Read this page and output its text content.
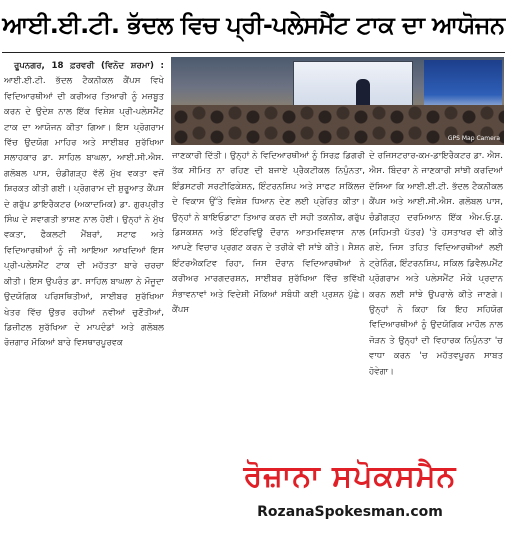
ਆਈ.ਈ.ਟੀ. ਭੱਦਲ ਵਿਚ ਪ੍ਰੀ-ਪਲੇਸਮੈਂਟ ਟਾਕ ਦਾ ਆਯੋਜਨ

ਰੂਪਨਗਰ, 18 ਫ਼ਰਵਰੀ (ਵਿਨੋਦ ਸ਼ਰਮਾ) : ਆਈ.ਈ.ਟੀ. ਭੱਦਲ ਟੈਕਨੀਕਲ ਕੈਂਪਸ ਵਿਖੇ ਵਿਦਿਆਰਥੀਆਂ ਦੀ ਕਰੀਅਰ ਤਿਆਰੀ ਨੂੰ ਮਜ਼ਬੂਤ ਕਰਨ ਦੇ ਉਦੇਸ਼ ਨਾਲ ਇੱਕ ਵਿਸ਼ੇਸ਼ ਪ੍ਰੀ-ਪਲੇਸਮੈਂਟ ਟਾਕ ਦਾ ਆਯੋਜਨ ਕੀਤਾ ਗਿਆ। ਇਸ ਪ੍ਰੋਗਰਾਮ ਵਿੱਚ ਉਦਯੋਗ ਮਾਹਿਰ ਅਤੇ ਸਾਈਬਰ ਸੁਰੱਖਿਆ ਸਲਾਹਕਾਰ ਡਾ. ਸਾਹਿਲ ਬਾਘਲਾ, ਆਈ.ਸੀ.ਐਸ. ਗਲੋਬਲ ਪਾਸ, ਚੰਡੀਗੜ੍ਹ ਵੱਲੋਂ ਮੁੱਖ ਵਕਤਾ ਵਜੋਂ ਸ਼ਿਰਕਤ ਕੀਤੀ ਗਈ। ਪ੍ਰੋਗਰਾਮ ਦੀ ਸ਼ੁਰੂਆਤ ਕੈਂਪਸ ਦੇ ਗਰੁੱਪ ਡਾਇਰੈਕਟਰ (ਅਕਾਦਮਿਕ) ਡਾ. ਗੁਰਪ੍ਰੀਤ ਸਿੰਘ ਦੇ ਸਵਾਗਤੀ ਭਾਸ਼ਣ ਨਾਲ ਹੋਈ। ਉਨ੍ਹਾਂ ਨੇ ਮੁੱਖ ਵਕਤਾ, ਫੈਕਲਟੀ ਮੈਂਬਰਾਂ, ਸਟਾਫ ਅਤੇ ਵਿਦਿਆਰਥੀਆਂ ਨੂੰ ਜੀ ਆਇਆ ਆਖਦਿਆਂ ਇਸ ਪ੍ਰੀ-ਪਲੇਸਮੈਂਟ ਟਾਕ ਦੀ ਮਹੱਤਤਾ ਬਾਰੇ ਚਰਚਾ ਕੀਤੀ। ਇਸ ਉਪਰੰਤ ਡਾ. ਸਾਹਿਲ ਬਾਘਲਾ ਨੇ ਮੌਜੂਦਾ ਉਦਯੋਗਿਕ ਪਰਿਸਥਿਤੀਆਂ, ਸਾਈਬਰ ਸੁਰੱਖਿਆ ਖੇਤਰ ਵਿੱਚ ਉਭਰ ਰਹੀਆਂ ਨਵੀਆਂ ਚੁਣੌਤੀਆਂ, ਡਿਜ਼ੀਟਲ ਸੁਰੱਖਿਆ ਦੇ ਮਾਪਦੰਡਾਂ ਅਤੇ ਗਲੋਬਲ ਰੋਜ਼ਗਾਰ ਮੌਕਿਆਂ ਬਾਰੇ ਵਿਸਥਾਰਪੂਰਵਕ

GPS Map Camera

ਜਾਣਕਾਰੀ ਦਿੱਤੀ। ਉਨ੍ਹਾਂ ਨੇ ਵਿਦਿਆਰਥੀਆਂ ਨੂੰ ਸਿਰਫ਼ ਡਿਗਰੀ ਤੱਕ ਸੀਮਿਤ ਨਾ ਰਹਿਣ ਦੀ ਬਜਾਏ ਪ੍ਰੈਕਟੀਕਲ ਨਿਪੁੰਨਤਾ, ਇੰਡਸਟਰੀ ਸਰਟੀਫਿਕੇਸ਼ਨ, ਇੰਟਰਨਸ਼ਿਪ ਅਤੇ ਸਾਫਟ ਸਕਿੱਲਜ਼ ਦੇ ਵਿਕਾਸ ਉੱਤੇ ਵਿਸ਼ੇਸ਼ ਧਿਆਨ ਦੇਣ ਲਈ ਪ੍ਰੇਰਿਤ ਕੀਤਾ। ਉਨ੍ਹਾਂ ਨੇ ਬਾਇਓਡਾਟਾ ਤਿਆਰ ਕਰਨ ਦੀ ਸਹੀ ਤਕਨੀਕ, ਗਰੁੱਪ ਡਿਸਕਸ਼ਨ ਅਤੇ ਇੰਟਰਵਿਊ ਦੌਰਾਨ ਆਤਮਵਿਸ਼ਵਾਸ ਨਾਲ ਆਪਣੇ ਵਿਚਾਰ ਪ੍ਰਗਟ ਕਰਨ ਦੇ ਤਰੀਕੇ ਵੀ ਸਾਂਝੇ ਕੀਤੇ। ਸੈਸ਼ਨ ਇੰਟਰਐਕਟਿਵ ਰਿਹਾ, ਜਿਸ ਦੌਰਾਨ ਵਿਦਿਆਰਥੀਆਂ ਨੇ ਕਰੀਅਰ ਮਾਰਗਦਰਸ਼ਨ, ਸਾਈਬਰ ਸੁਰੱਖਿਆ ਵਿੱਚ ਭਵਿੱਖੀ ਸੰਭਾਵਨਾਵਾਂ ਅਤੇ ਵਿਦੇਸ਼ੀ ਮੌਕਿਆਂ ਸਬੰਧੀ ਕਈ ਪ੍ਰਸ਼ਨ ਪੁੱਛੇ। ਕੈਂਪਸ

ਦੇ ਰਜਿਸਟਰਾਰ-ਕਮ-ਡਾਇਰੈਕਟਰ ਡਾ. ਐਸ. ਐਸ. ਬਿੰਦਰਾ ਨੇ ਜਾਣਕਾਰੀ ਸਾਂਝੀ ਕਰਦਿਆਂ ਦੱਸਿਆ ਕਿ ਆਈ.ਈ.ਟੀ. ਭੱਦਲ ਟੈਕਨੀਕਲ ਕੈਂਪਸ ਅਤੇ ਆਈ.ਸੀ.ਐਸ. ਗਲੋਬਲ ਪਾਸ, ਚੰਡੀਗੜ੍ਹ ਦਰਮਿਆਨ ਇੱਕ ਐਮ.ਓ.ਯੂ. (ਸਹਿਮਤੀ ਪੱਤਰ) 'ਤੇ ਹਸਤਾਖਰ ਵੀ ਕੀਤੇ ਗਏ, ਜਿਸ ਤਹਿਤ ਵਿਦਿਆਰਥੀਆਂ ਲਈ ਟ੍ਰੇਨਿੰਗ, ਇੰਟਰਨਸ਼ਿਪ, ਸਕਿਲ ਡਿਵੈਲਪਮੈਂਟ ਪ੍ਰੋਗਰਾਮ ਅਤੇ ਪਲੇਸਮੈਂਟ ਮੌਕੇ ਪ੍ਰਦਾਨ ਕਰਨ ਲਈ ਸਾਂਝੇ ਉਪਰਾਲੇ ਕੀਤੇ ਜਾਣਗੇ। ਉਨ੍ਹਾਂ ਨੇ ਕਿਹਾ ਕਿ ਇਹ ਸਹਿਯੋਗ ਵਿਦਿਆਰਥੀਆਂ ਨੂੰ ਉਦਯੋਗਿਕ ਮਾਹੌਲ ਨਾਲ ਜੋੜਨ ਤੇ ਉਨ੍ਹਾਂ ਦੀ ਵਿਹਾਰਕ ਨਿਪੁੰਨਤਾ 'ਚ ਵਾਧਾ ਕਰਨ 'ਚ ਮਹੱਤਵਪੂਰਨ ਸਾਬਤ ਹੋਵੇਗਾ।

ਰੋਜ਼ਾਨਾ ਸਪੋਕਸਮੈਨ
RozanaSpokesman.com
